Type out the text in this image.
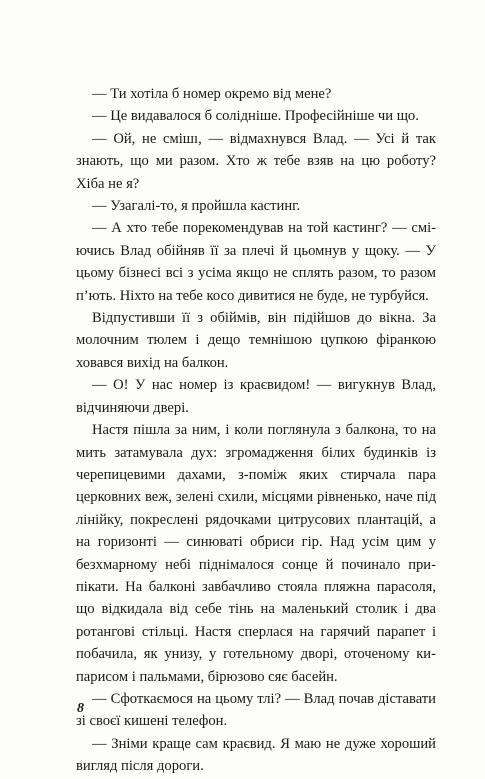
— Ти хотіла б номер окремо від мене?

— Це видавалося б солідніше. Професійніше чи що.

— Ой, не смішı, — відмахнувся Влад. — Усі й так знають, що ми разом. Хто ж тебе взяв на цю роботу? Хіба не я?

— Узагалі-то, я пройшла кастинг.

— А хто тебе порекомендував на той кастинг? — сміючись Влад обійняв її за плечі й цьомнув у щоку. — У цьому бізнесі всі з усіма якщо не сплять разом, то разом п’ють. Ніхто на тебе косо дивитися не буде, не турбуйся.

Відпустивши її з обіймів, він підійшов до вікна. За молочним тюлем і дещо темнішою цупкою фіранкою ховався вихід на балкон.

— О! У нас номер із краєвидом! — вигукнув Влад, відчиняючи двері.

Настя пішла за ним, і коли поглянула з балкона, то на мить затамувала дух: згромадження білих будинків із черепицевими дахами, з-поміж яких стирчала пара церковних веж, зелені схили, місцями рівненько, наче під лінійку, покреслені рядочками цитрусових плантацій, а на горизонті — синюваті обриси гір. Над усім цим у безхмарному небі піднімалося сонце й починало припікати. На балконі завбачливо стояла пляжна парасоля, що відкидала від себе тінь на маленький столик і два ротангові стільці. Настя сперлася на гарячий парапет і побачила, як унизу, у готельному дворі, оточеному кипарисом і пальмами, бірюзово сяє басейн.

— Сфоткаємося на цьому тлі? — Влад почав діставати зі своєї кишені телефон.

— Зніми краще сам краєвид. Я маю не дуже хороший вигляд після дороги.

8
